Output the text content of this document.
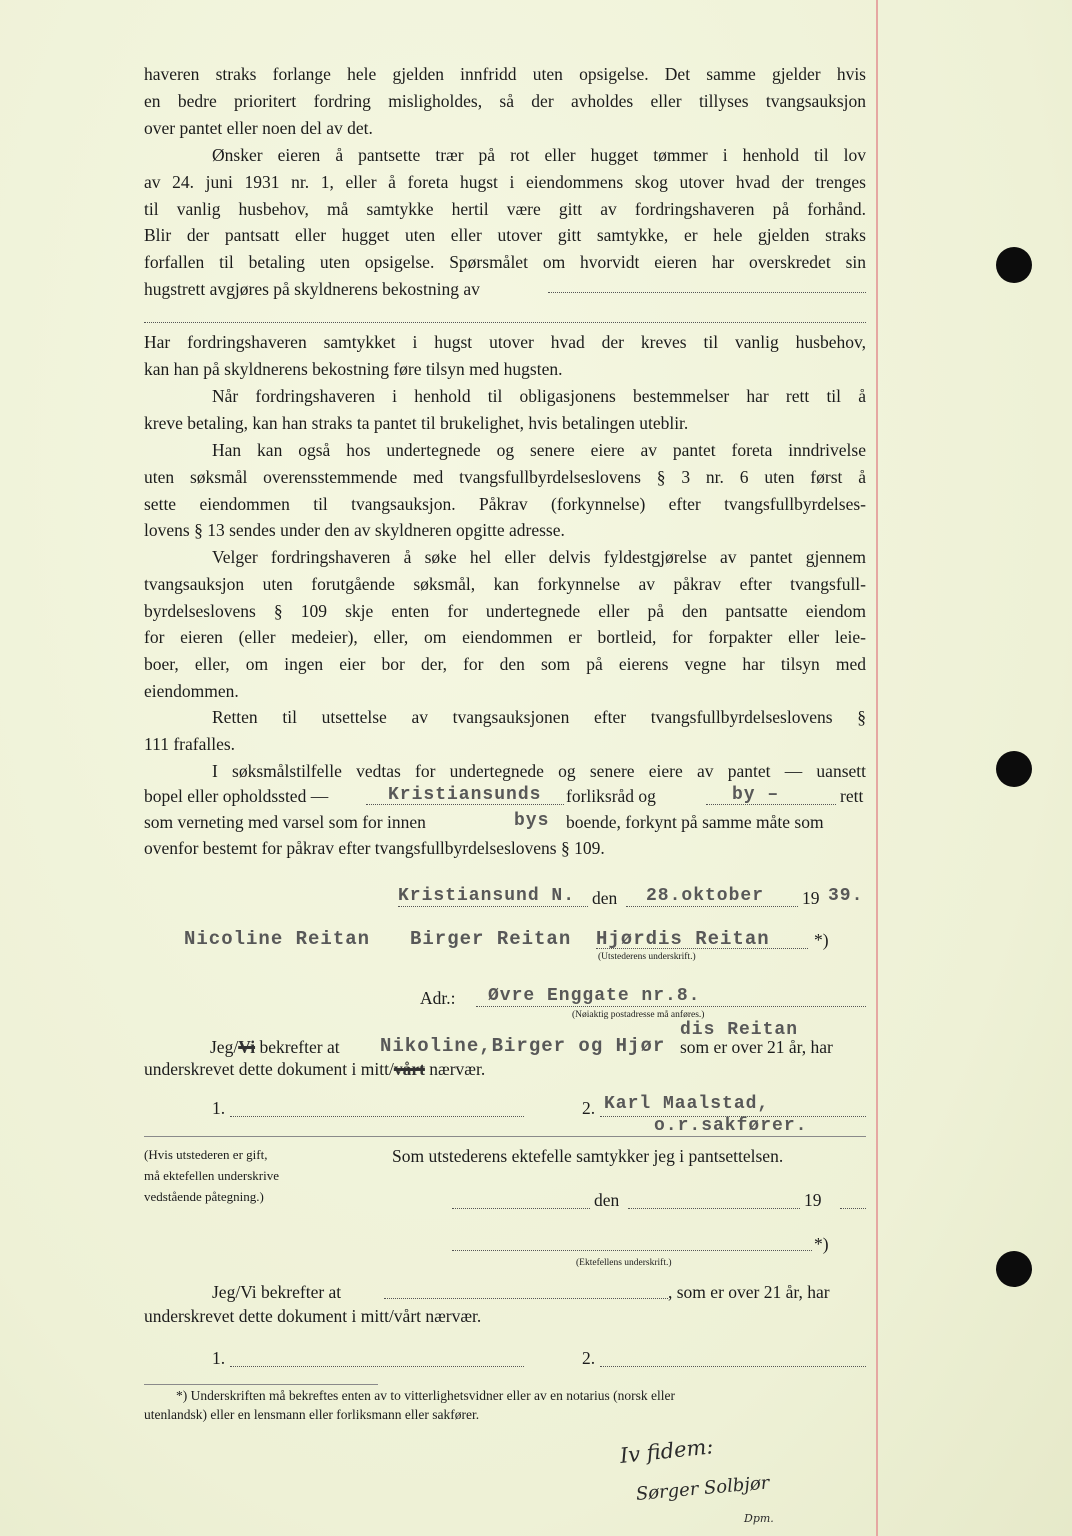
haveren straks forlange hele gjelden innfridd uten opsigelse. Det samme gjelder hvis
en bedre prioritert fordring misligholdes, så der avholdes eller tillyses tvangsauksjon
over pantet eller noen del av det.
Ønsker eieren å pantsette trær på rot eller hugget tømmer i henhold til lov
av 24. juni 1931 nr. 1, eller å foreta hugst i eiendommens skog utover hvad der trenges
til vanlig husbehov, må samtykke hertil være gitt av fordringshaveren på forhånd.
Blir der pantsatt eller hugget uten eller utover gitt samtykke, er hele gjelden straks
forfallen til betaling uten opsigelse. Spørsmålet om hvorvidt eieren har overskredet sin
hugstrett avgjøres på skyldnerens bekostning av
Har fordringshaveren samtykket i hugst utover hvad der kreves til vanlig husbehov,
kan han på skyldnerens bekostning føre tilsyn med hugsten.
Når fordringshaveren i henhold til obligasjonens bestemmelser har rett til å
kreve betaling, kan han straks ta pantet til brukelighet, hvis betalingen uteblir.
Han kan også hos undertegnede og senere eiere av pantet foreta inndrivelse
uten søksmål overensstemmende med tvangsfullbyrdelseslovens § 3 nr. 6 uten først å
sette eiendommen til tvangsauksjon. Påkrav (forkynnelse) efter tvangsfullbyrdelses-
lovens § 13 sendes under den av skyldneren opgitte adresse.
Velger fordringshaveren å søke hel eller delvis fyldestgjørelse av pantet gjennem
tvangsauksjon uten forutgående søksmål, kan forkynnelse av påkrav efter tvangsfull-
byrdelseslovens § 109 skje enten for undertegnede eller på den pantsatte eiendom
for eieren (eller medeier), eller, om eiendommen er bortleid, for forpakter eller leie-
boer, eller, om ingen eier bor der, for den som på eierens vegne har tilsyn med
eiendommen.
Retten til utsettelse av tvangsauksjonen efter tvangsfullbyrdelseslovens §
111 frafalles.
I søksmålstilfelle vedtas for undertegnede og senere eiere av pantet — uansett
bopel eller opholdssted —	Kristiansunds forliksråd og	by –	rett
som verneting med varsel som for innen	bys boende, forkynt på samme måte som
ovenfor bestemt for påkrav efter tvangsfullbyrdelseslovens § 109.
Kristiansund N. den 28.oktober 19 39.
Nicoline Reitan Birger Reitan Hjørdis Reitan	*)
(Utstederens underskrift.)
Adr.: Øvre Enggate nr.8.
(Nøiaktig postadresse må anføres.)
dis Reitan
Jeg/Vi bekrefter at Nikoline,Birger og Hjør som er over 21 år, har
underskrevet dette dokument i mitt/vårt nærvær.
1.	2. Karl Maalstad,
o.r.sakfører.
(Hvis utstederen er gift,
må ektefellen underskrive
vedstående påtegning.)
Som utstederens ektefelle samtykker jeg i pantsettelsen.
den	19
*)
(Ektefellens underskrift.)
Jeg/Vi bekrefter at	, som er over 21 år, har
underskrevet dette dokument i mitt/vårt nærvær.
1.	2.
*) Underskriften må bekreftes enten av to vitterlighetsvidner eller av en notarius (norsk eller
utenlandsk) eller en lensmann eller forliksmann eller sakfører.
Iv fidem:
Sørger Solbjør
Dpm.
